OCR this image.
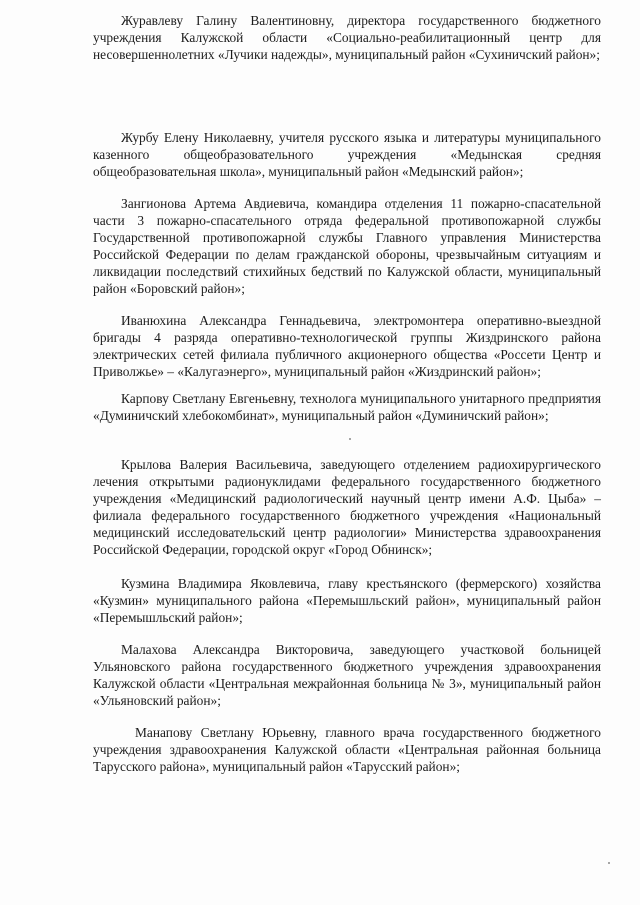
Журавлеву Галину Валентиновну, директора государственного бюджетного учреждения Калужской области «Социально-реабилитационный центр для несовершеннолетних «Лучики надежды», муниципальный район «Сухиничский район»;

Журбу Елену Николаевну, учителя русского языка и литературы муниципального казенного общеобразовательного учреждения «Медынская средняя общеобразовательная школа», муниципальный район «Медынский район»;

Зангионова Артема Авдиевича, командира отделения 11 пожарно-спасательной части 3 пожарно-спасательного отряда федеральной противопожарной службы Государственной противопожарной службы Главного управления Министерства Российской Федерации по делам гражданской обороны, чрезвычайным ситуациям и ликвидации последствий стихийных бедствий по Калужской области, муниципальный район «Боровский район»;

Иванюхина Александра Геннадьевича, электромонтера оперативно-выездной бригады 4 разряда оперативно-технологической группы Жиздринского района электрических сетей филиала публичного акционерного общества «Россети Центр и Приволжье» – «Калугаэнерго», муниципальный район «Жиздринский район»;

Карпову Светлану Евгеньевну, технолога муниципального унитарного предприятия «Думиничский хлебокомбинат», муниципальный район «Думиничский район»;

Крылова Валерия Васильевича, заведующего отделением радиохирургического лечения открытыми радионуклидами федерального государственного бюджетного учреждения «Медицинский радиологический научный центр имени А.Ф. Цыба» – филиала федерального государственного бюджетного учреждения «Национальный медицинский исследовательский центр радиологии» Министерства здравоохранения Российской Федерации, городской округ «Город Обнинск»;

Кузмина Владимира Яковлевича, главу крестьянского (фермерского) хозяйства «Кузмин» муниципального района «Перемышльский район», муниципальный район «Перемышльский район»;

Малахова Александра Викторовича, заведующего участковой больницей Ульяновского района государственного бюджетного учреждения здравоохранения Калужской области «Центральная межрайонная больница № 3», муниципальный район «Ульяновский район»;

Манапову Светлану Юрьевну, главного врача государственного бюджетного учреждения здравоохранения Калужской области «Центральная районная больница Тарусского района», муниципальный район «Тарусский район»;
